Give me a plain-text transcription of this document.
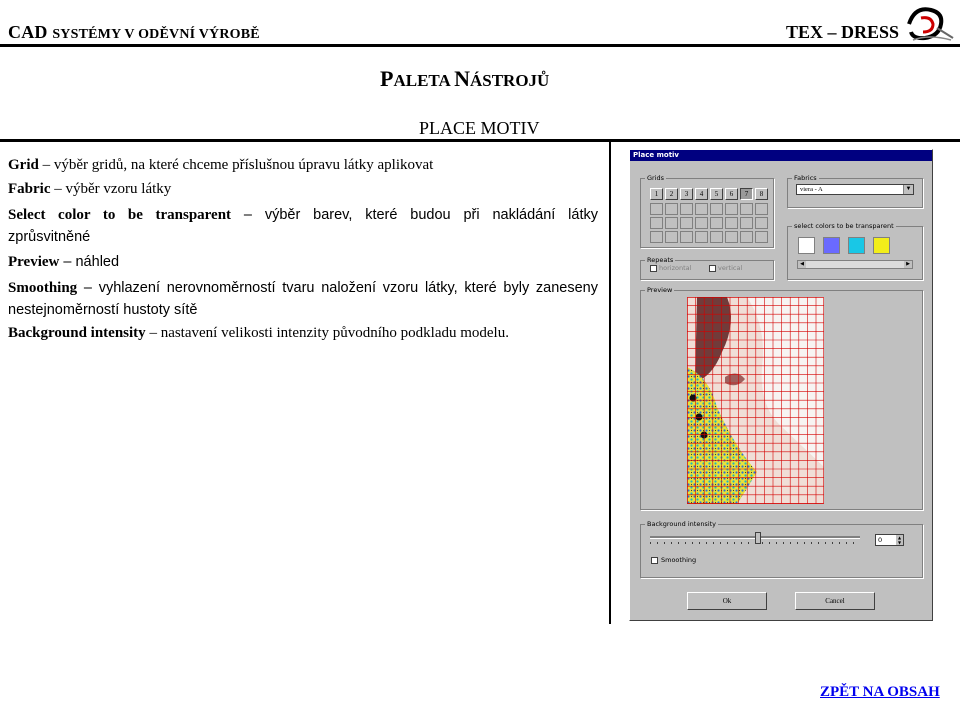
CAD SYSTÉMY V ODĚVNÍ VÝROBĚ	TEX – DRESS
PALETA NÁSTROJŮ
PLACE MOTIV
Grid – výběr gridů, na které chceme příslušnou úpravu látky aplikovat
Fabric – výběr vzoru látky
Select color to be transparent – výběr barev, které budou při nakládání látky
zprůsvitněné
Preview – náhled
Smoothing – vyhlazení nerovnoměrností tvaru naložení vzoru látky, které byly zaneseny
nestejnoměrností hustoty sítě
Background intensity – nastavení velikosti intenzity původního podkladu modelu.
ZPĚT NA OBSAH
Place motiv
Grids	Fabrics
select colors to be transparent
Repeats
Preview
Background intensity
1	2	3	4	5	6	7	8
viera - A	▼
◀	▶
horizontal	vertical
0	▲
▼
Smoothing
Ok	Cancel
